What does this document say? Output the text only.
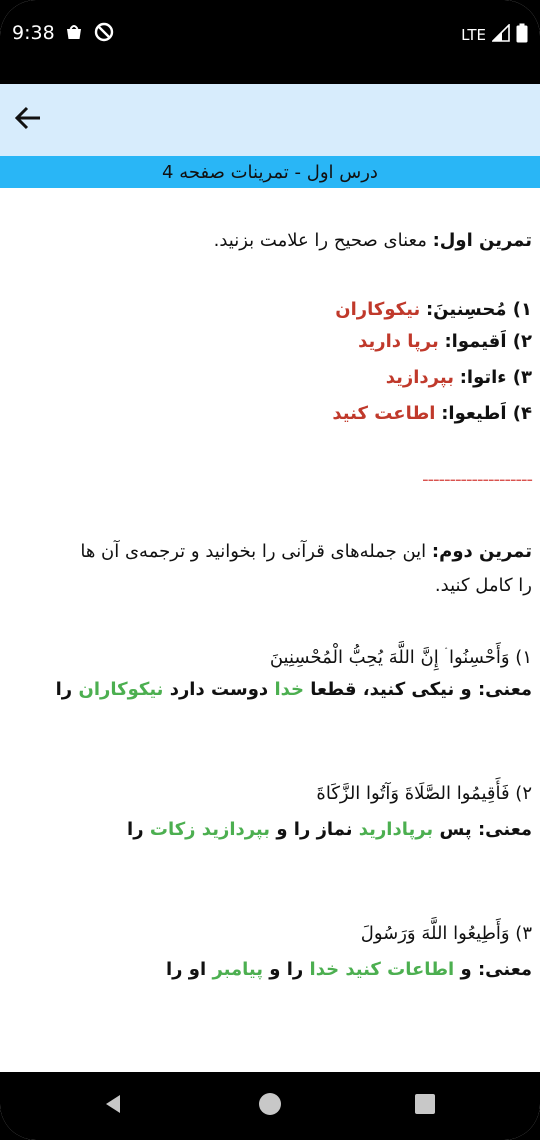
9:38	LTE
درس اول - تمرینات صفحه 4
تمرین اول: معنای صحیح را علامت بزنید.
۱) مُحسِنینَ: نیکوکاران
۲) اَقیموا: برپا دارید
۳) ءاتوا: بپردازید
۴) اَطیعوا: اطاعت کنید
--------------------
تمرین دوم: این جمله‌های قرآنی را بخوانید و ترجمه‌ی آن ها
را کامل کنید.
۱) وَأَحْسِنُوا ۛ إِنَّ اللَّهَ يُحِبُّ الْمُحْسِنِينَ
معنی: و نیکی کنید، قطعا خدا دوست دارد نیکوکاران را
۲) فَأَقِيمُوا الصَّلَاةَ وَآتُوا الزَّكَاةَ
معنی: پس برپادارید نماز را و بپردازید زکات را
۳) وَأَطِيعُوا اللَّهَ وَرَسُولَ
معنی: و اطاعات کنید خدا را و پیامبر او را
